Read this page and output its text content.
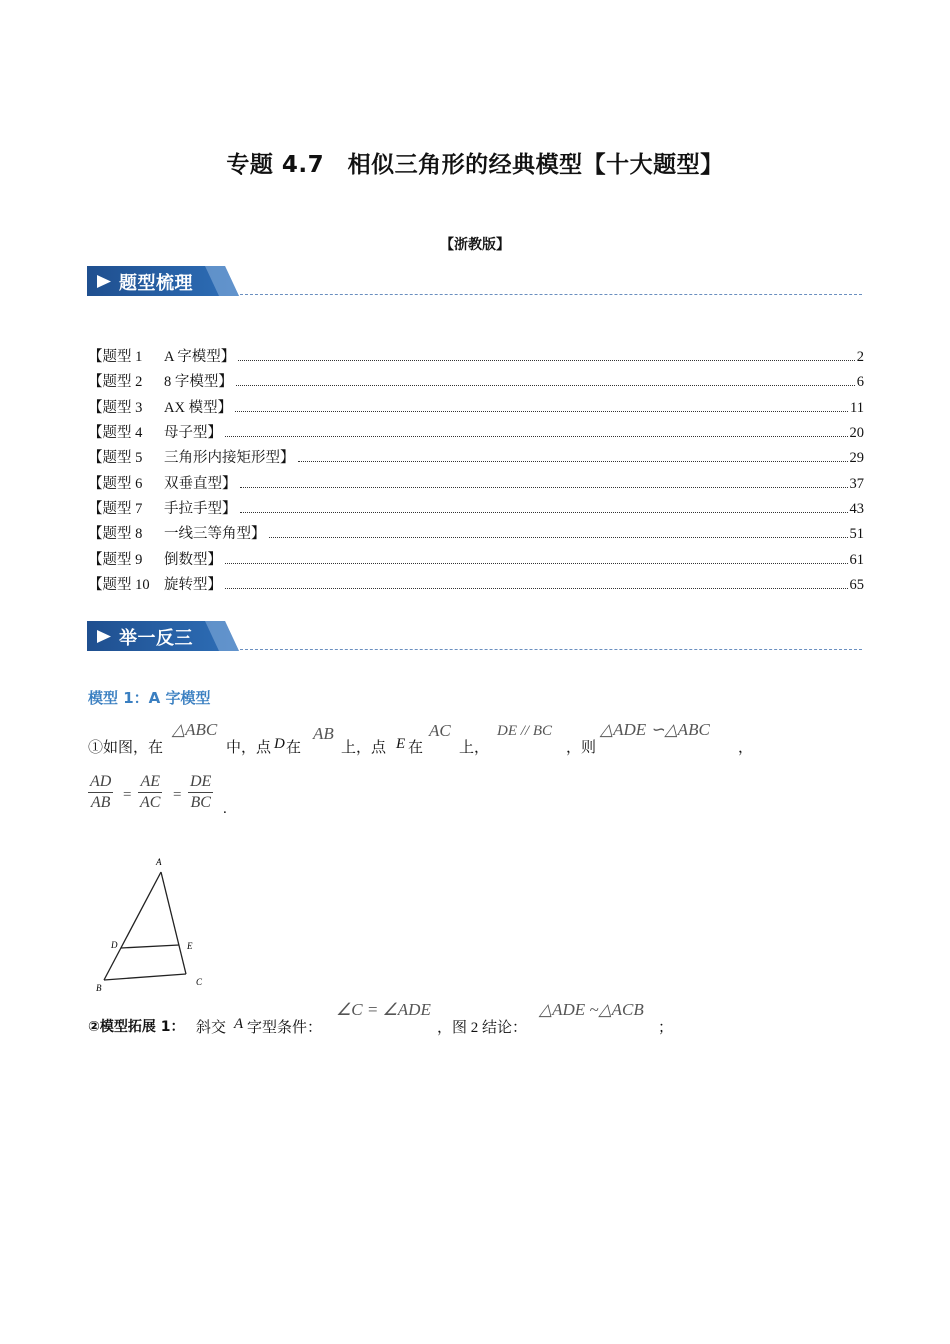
专题 4.7　相似三角形的经典模型【十大题型】
【浙教版】
题型梳理
【题型 1	A 字模型】	2
【题型 2	8 字模型】	6
【题型 3	AX 模型】	11
【题型 4	母子型】	20
【题型 5	三角形内接矩形型】	29
【题型 6	双垂直型】	37
【题型 7	手拉手型】	43
【题型 8	一线三等角型】	51
【题型 9	倒数型】	61
【题型 10 旋转型】	65
举一反三
模型 1：A 字模型
①如图，在
△ABC
中，点 D 在
AB
上，点 E 在
AC
上，
DE // BC
，则
△ADE ∽△ABC
，
AD
AB =
AE
AC =
DE
BC .
A
D	E
B
C
②模型拓展 1： 斜交 A 字型条件：
∠C = ∠ADE
，图 2 结论：
△ADE ~△ACB
；
